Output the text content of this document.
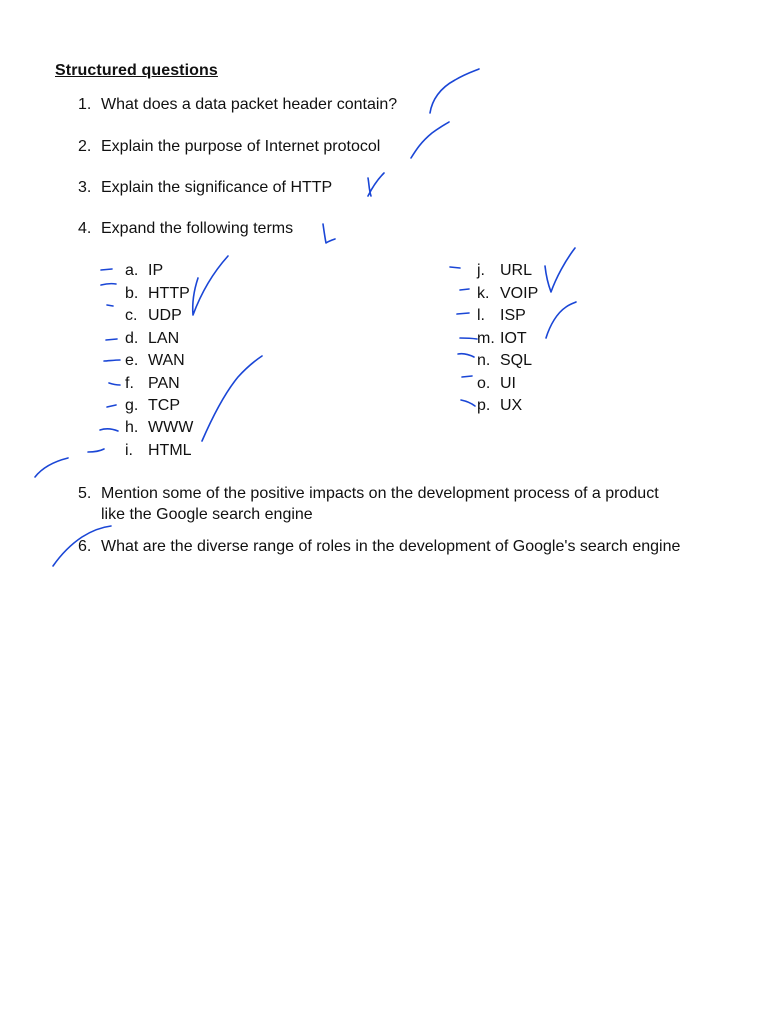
Structured questions
1. What does a data packet header contain?
2. Explain the purpose of Internet protocol
3. Explain the significance of HTTP
4. Expand the following terms
a. IP
b. HTTP
c. UDP
d. LAN
e. WAN
f. PAN
g. TCP
h. WWW
i. HTML
j. URL
k. VOIP
l. ISP
m. IOT
n. SQL
o. UI
p. UX
5. Mention some of the positive impacts on the development process of a product like the Google search engine
6. What are the diverse range of roles in the development of Google's search engine
